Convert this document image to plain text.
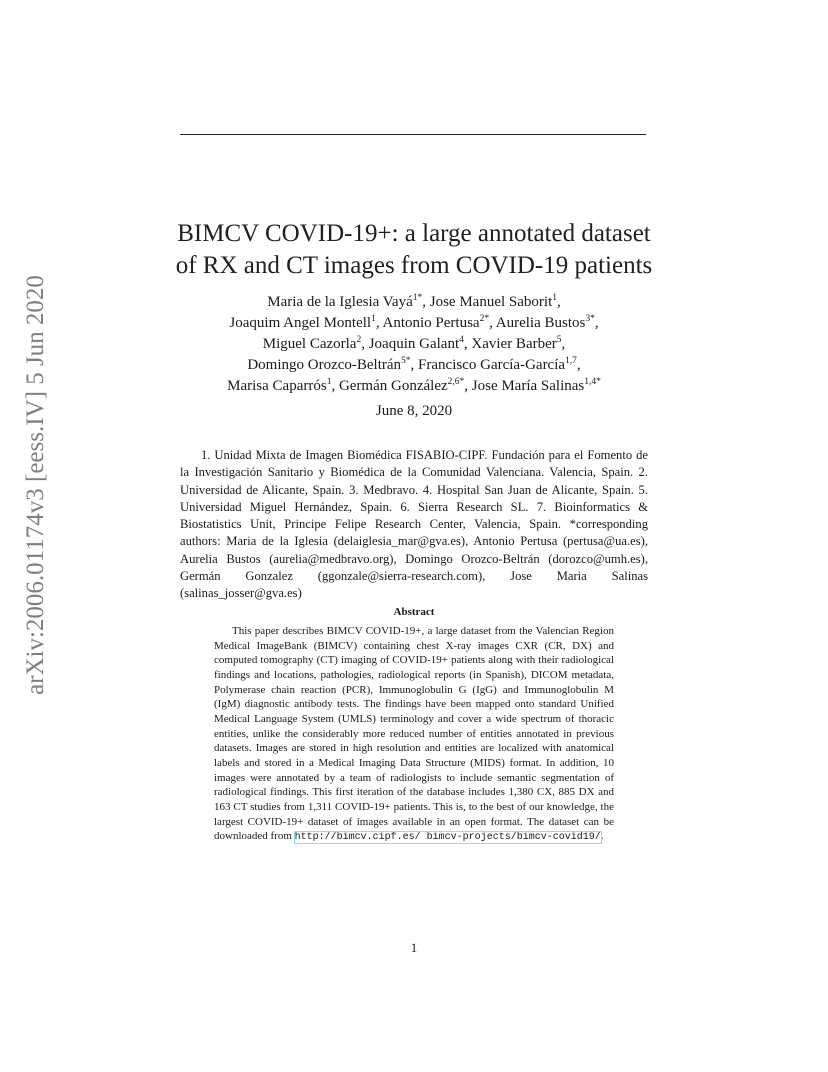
arXiv:2006.01174v3 [eess.IV] 5 Jun 2020
BIMCV COVID-19+: a large annotated dataset
of RX and CT images from COVID-19 patients
Maria de la Iglesia Vayá$^{1*}$, Jose Manuel Saborit$^1$,
Joaquim Angel Montell$^1$, Antonio Pertusa$^{2*}$, Aurelia Bustos$^{3*}$,
Miguel Cazorla$^2$, Joaquin Galant$^4$, Xavier Barber$^5$,
Domingo Orozco-Beltrán$^{5*}$, Francisco García-García$^{1,7}$,
Marisa Caparrós$^1$, Germán González$^{2,6*}$, Jose María Salinas$^{1,4*}$
June 8, 2020
1. Unidad Mixta de Imagen Biomédica FISABIO-CIPF. Fundación para el Fomento de la Investigación Sanitario y Biomédica de la Comunidad Valenciana. Valencia, Spain. 2. Universidad de Alicante, Spain. 3. Medbravo. 4. Hospital San Juan de Alicante, Spain. 5. Universidad Miguel Hernández, Spain. 6. Sierra Research SL. 7. Bioinformatics & Biostatistics Unit, Principe Felipe Research Center, Valencia, Spain. *corresponding authors: Maria de la Iglesia (delaiglesia_mar@gva.es), Antonio Pertusa (pertusa@ua.es), Aurelia Bustos (aurelia@medbravo.org), Domingo Orozco-Beltrán (dorozco@umh.es), Germán Gonzalez (ggonzale@sierra-research.com), Jose Maria Salinas (salinas_josser@gva.es)
Abstract
This paper describes BIMCV COVID-19+, a large dataset from the Valencian Region Medical ImageBank (BIMCV) containing chest X-ray images CXR (CR, DX) and computed tomography (CT) imaging of COVID-19+ patients along with their radiological findings and locations, pathologies, radiological reports (in Spanish), DICOM metadata, Polymerase chain reaction (PCR), Immunoglobulin G (IgG) and Immunoglobulin M (IgM) diagnostic antibody tests. The findings have been mapped onto standard Unified Medical Language System (UMLS) terminology and cover a wide spectrum of thoracic entities, unlike the considerably more reduced number of entities annotated in previous datasets. Images are stored in high resolution and entities are localized with anatomical labels and stored in a Medical Imaging Data Structure (MIDS) format. In addition, 10 images were annotated by a team of radiologists to include semantic segmentation of radiological findings. This first iteration of the database includes 1,380 CX, 885 DX and 163 CT studies from 1,311 COVID-19+ patients. This is, to the best of our knowledge, the largest COVID-19+ dataset of images available in an open format. The dataset can be downloaded from http://bimcv.cipf.es/ bimcv-projects/bimcv-covid19/.
1
